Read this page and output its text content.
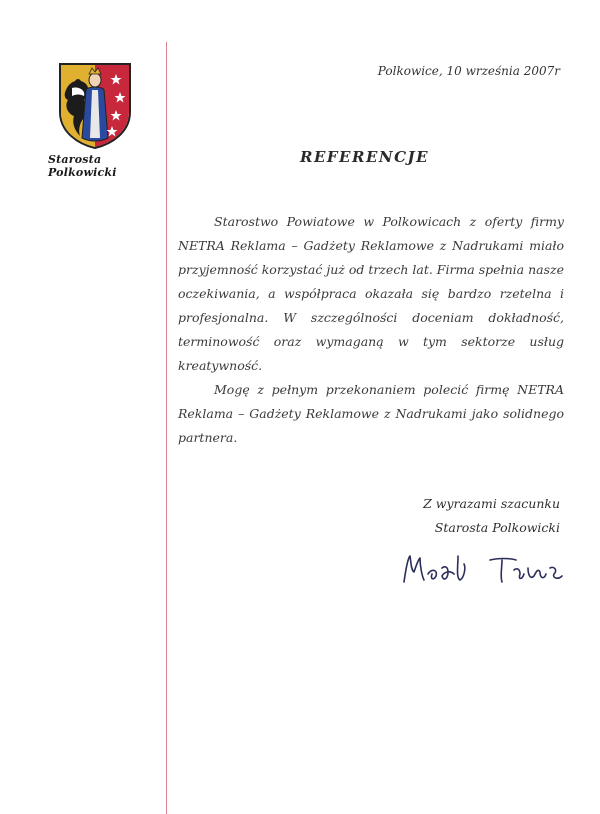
Starosta Polkowicki
Polkowice, 10 września 2007r
REFERENCJE

Starostwo Powiatowe w Polkowicach z oferty firmy NETRA Reklama – Gadżety Reklamowe z Nadrukami miało przyjemność korzystać już od trzech lat. Firma spełnia nasze oczekiwania, a współpraca okazała się bardzo rzetelna i profesjonalna. W szczególności doceniam dokładność, terminowość oraz wymaganą w tym sektorze usług kreatywność.

Mogę z pełnym przekonaniem polecić firmę NETRA Reklama – Gadżety Reklamowe z Nadrukami jako solidnego partnera.

Z wyrazami szacunku
Starosta Polkowicki
